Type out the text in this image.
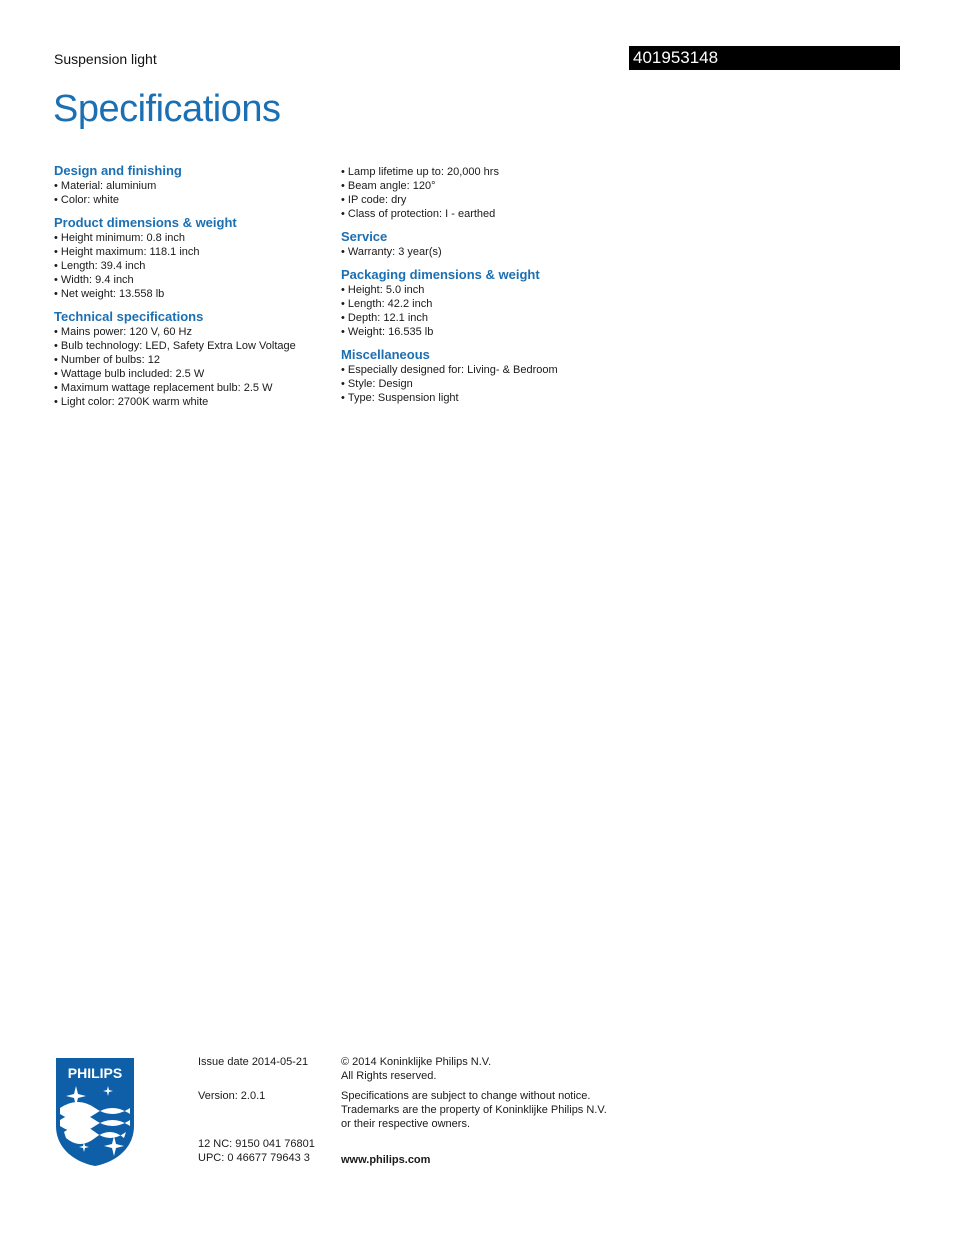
Suspension light	401953148
Specifications
Design and finishing
• Material: aluminium
• Color: white
Product dimensions & weight
• Height minimum: 0.8 inch
• Height maximum: 118.1 inch
• Length: 39.4 inch
• Width: 9.4 inch
• Net weight: 13.558 lb
Technical specifications
• Mains power: 120 V, 60 Hz
• Bulb technology: LED, Safety Extra Low Voltage
• Number of bulbs: 12
• Wattage bulb included: 2.5 W
• Maximum wattage replacement bulb: 2.5 W
• Light color: 2700K warm white
• Lamp lifetime up to: 20,000 hrs
• Beam angle: 120°
• IP code: dry
• Class of protection: I - earthed
Service
• Warranty: 3 year(s)
Packaging dimensions & weight
• Height: 5.0 inch
• Length: 42.2 inch
• Depth: 12.1 inch
• Weight: 16.535 lb
Miscellaneous
• Especially designed for: Living- & Bedroom
• Style: Design
• Type: Suspension light
PHILIPS

Issue date 2014-05-21

Version: 2.0.1

12 NC: 9150 041 76801

UPC: 0 46677 79643 3

© 2014 Koninklijke Philips N.V.

All Rights reserved.

Specifications are subject to change without notice.

Trademarks are the property of Koninklijke Philips N.V.

or their respective owners.

www.philips.com
